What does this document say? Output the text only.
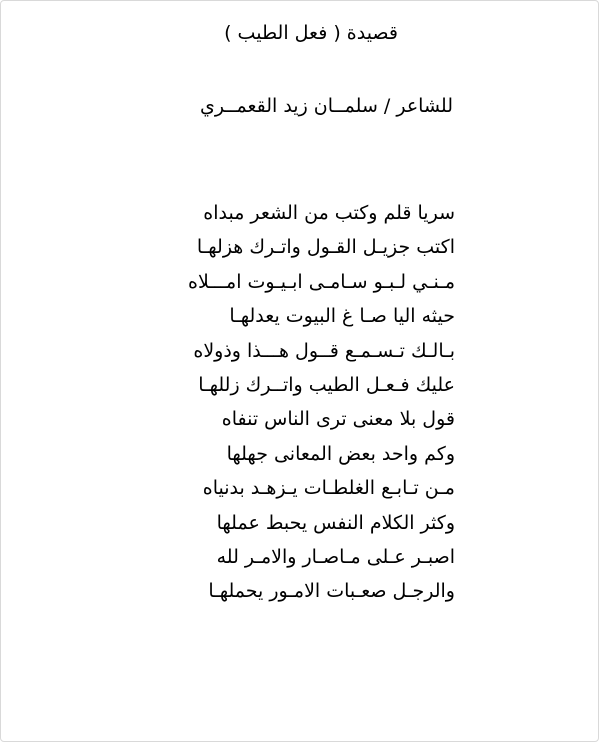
قصيدة ( فعل الطيب )
للشاعر / سلمــان زيد القعمــري
سريا قلم وكتب من الشعر مبداه
اكتب جزيـل القـول واتـرك هزلهـا
مـنـي لـبـو سـامـى ابـيـوت امـــلاه
حيثه اليا صـا غ البيوت يعدلهـا
بـالـك تـسـمـع قــول هـــذا وذولاه
عليك فـعـل الطيب واتــرك زللهـا
قول بلا معنى ترى الناس تنفاه
وكم واحد بعض المعانى جهلها
مـن تـابـع الغلطـات يـزهـد بدنياه
وكثر الكلام النفس يحبط عملها
اصبـر عـلى مـاصـار والامـر لله
والرجـل صعـبات الامـور يحملهـا
